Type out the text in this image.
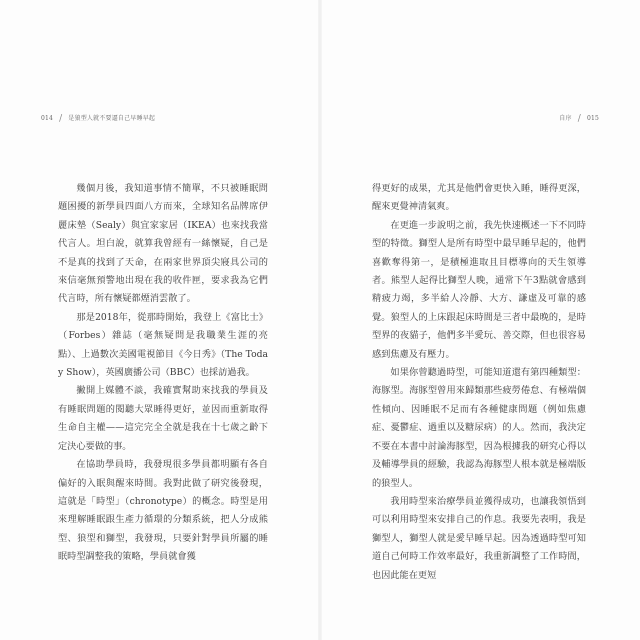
014 / 是狼型人就不要逼自己早睡早起

幾個月後，我知道事情不簡單，不只被睡眠問題困擾的新學員四面八方而來，全球知名品牌席伊麗床墊（Sealy）與宜家家居（IKEA）也來找我當代言人。坦白說，就算我曾經有一絲懷疑，自己是不是真的找到了天命，在兩家世界頂尖寢具公司的來信毫無預警地出現在我的收件匣，要求我為它們代言時，所有懷疑都煙消雲散了。

那是2018年，從那時開始，我登上《富比士》（Forbes）雜誌（毫無疑問是我職業生涯的亮點）、上過數次美國電視節目《今日秀》（The Today Show），英國廣播公司（BBC）也採訪過我。

撇開上媒體不談，我確實幫助來找我的學員及有睡眠問題的閱聽大眾睡得更好，並因而重新取得生命自主權——這完完全全就是我在十七歲之齡下定決心要做的事。

在協助學員時，我發現很多學員都明顯有各自偏好的入眠與醒來時間。我對此做了研究後發現，這就是「時型」（chronotype）的概念。時型是用來理解睡眠跟生產力循環的分類系統，把人分成熊型、狼型和獅型，我發現，只要針對學員所屬的睡眠時型調整我的策略，學員就會獲

自序 / 015

得更好的成果，尤其是他們會更快入睡，睡得更深，醒來更覺神清氣爽。

在更進一步說明之前，我先快速概述一下不同時型的特徵。獅型人是所有時型中最早睡早起的，他們喜歡奪得第一，是積極進取且目標導向的天生領導者。熊型人起得比獅型人晚，通常下午3點就會感到精疲力竭，多半給人冷靜、大方、謙虛及可靠的感覺。狼型人的上床跟起床時間是三者中最晚的，是時型界的夜貓子，他們多半愛玩、善交際，但也很容易感到焦慮及有壓力。

如果你曾聽過時型，可能知道還有第四種類型：海豚型。海豚型曾用來歸類那些疲勞倦怠、有極端個性傾向、因睡眠不足而有各種健康問題（例如焦慮症、憂鬱症、過重以及糖尿病）的人。然而，我決定不要在本書中討論海豚型，因為根據我的研究心得以及輔導學員的經驗，我認為海豚型人根本就是極端版的狼型人。

我用時型來治療學員並獲得成功，也讓我領悟到可以利用時型來安排自己的作息。我要先表明，我是獅型人，獅型人就是愛早睡早起。因為透過時型可知道自己何時工作效率最好，我重新調整了工作時間，也因此能在更短
